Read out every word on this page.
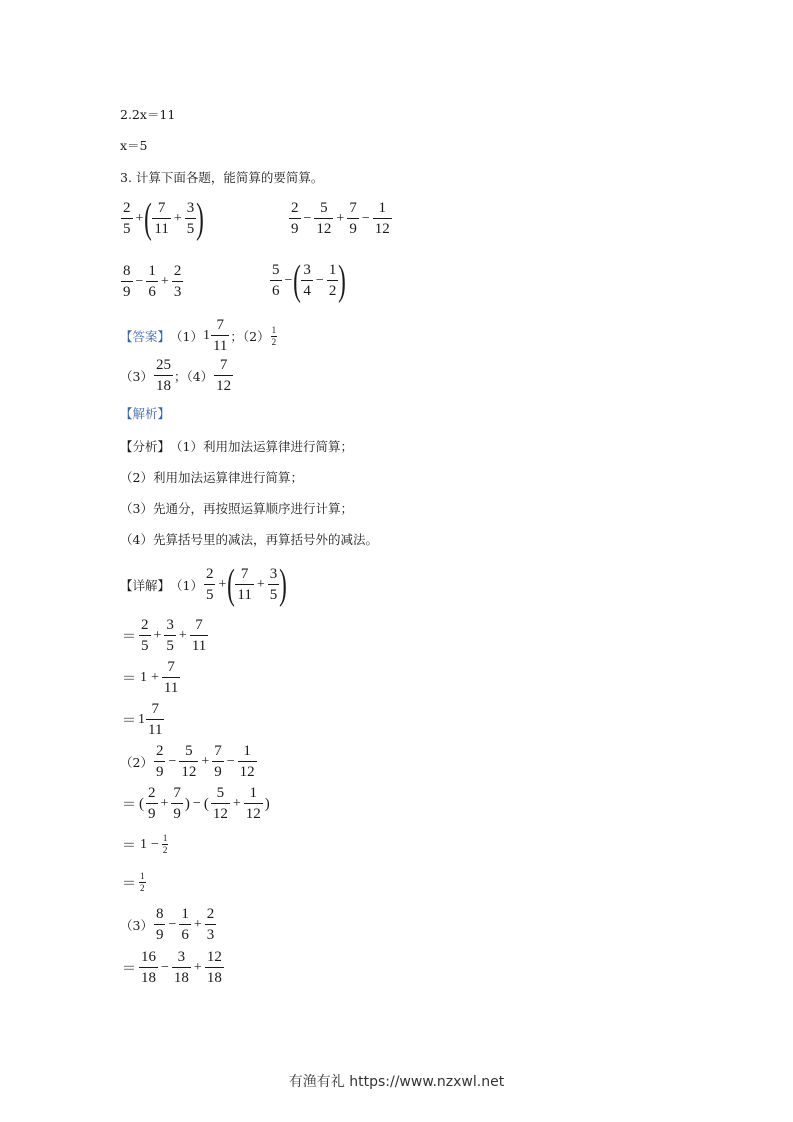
2.2x＝11
x＝5
3. 计算下面各题，能简算的要简算。
$\frac{2}{5}$ + ( $\frac{7}{11} + \frac{3}{5}$ )	$\frac{2}{9} - \frac{5}{12} + \frac{7}{9} - \frac{1}{12}$
$\frac{8}{9} - \frac{1}{6} + \frac{2}{3}$	$\frac{5}{6}$ − ( $\frac{3}{4} - \frac{1}{2}$ )
【答案】 （1） $1 \frac{7}{11}$ ；$(2) \frac{1}{2}$
$(3) \frac{25}{18}$ ；$(4) \frac{7}{12}$
【解析】
【分析】 （1）利用加法运算律进行简算；
（2）利用加法运算律进行简算；
（3）先通分，再按照运算顺序进行计算；
（4）先算括号里的减法，再算括号外的减法。
【详解】 $(1) \frac{2}{5}$ + ( $\frac{7}{11} + \frac{3}{5}$ )
＝ $\frac{2}{5} + \frac{3}{5} + \frac{7}{11}$
＝ $1 + \frac{7}{11}$
＝ $1 \frac{7}{11}$
$(2) \frac{2}{9} - \frac{5}{12} + \frac{7}{9} - \frac{1}{12}$
＝ ( $\frac{2}{9} + \frac{7}{9}$ ) − ( $\frac{5}{12} + \frac{1}{12}$ )
＝ $1 - \frac{1}{2}$
＝ $\frac{1}{2}$
$(3) \frac{8}{9} - \frac{1}{6} + \frac{2}{3}$
＝ $\frac{16}{18} - \frac{3}{18} + \frac{12}{18}$
有渔有礼 https://www.nzxwl.net
